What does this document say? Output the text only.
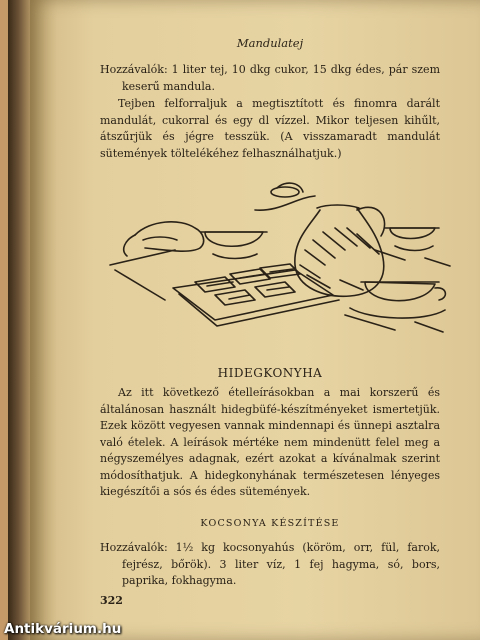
Mandulatej

Hozzávalók: 1 liter tej, 10 dkg cukor, 15 dkg édes, pár szem keserű mandula.

Tejben felforraljuk a megtisztított és finomra darált mandulát, cukorral és egy dl vízzel. Mikor teljesen kihűlt, átszűrjük és jégre tesszük. (A visszamaradt mandulát sütemények töltelékéhez felhasználhatjuk.)

HIDEGKONYHA

Az itt következő ételleírásokban a mai korszerű és általánosan használt hidegbüfé-készítményeket ismertetjük. Ezek között vegyesen vannak mindennapi és ünnepi asztalra való ételek. A leírások mértéke nem mindenütt felel meg a négyszemélyes adagnak, ezért azokat a kívánalmak szerint módosíthatjuk. A hidegkonyhának természetesen lényeges kiegészítői a sós és édes sütemények.

KOCSONYA KÉSZÍTÉSE

Hozzávalók: 1½ kg kocsonyahús (köröm, orr, fül, farok, fejrész, bőrök). 3 liter víz, 1 fej hagyma, só, bors, paprika, fokhagyma.

322
Antikvárium.hu
